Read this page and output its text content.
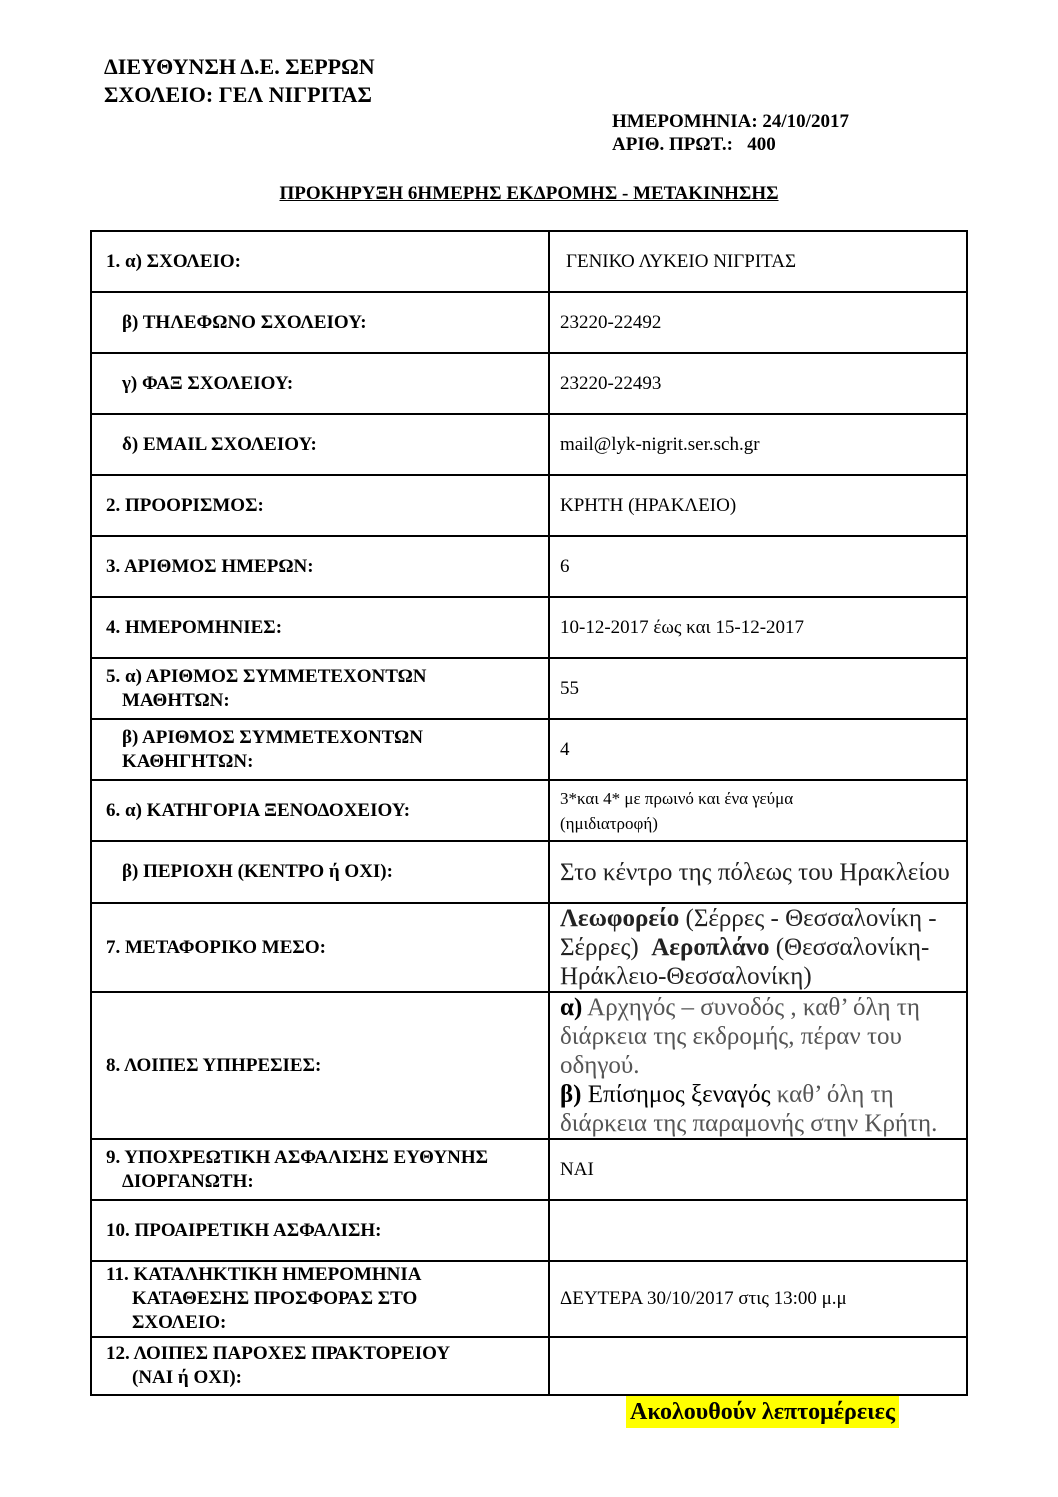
ΔΙΕΥΘΥΝΣΗ Δ.Ε. ΣΕΡΡΩΝ
ΣΧΟΛΕΙΟ: ΓΕΛ ΝΙΓΡΙΤΑΣ
ΗΜΕΡΟΜΗΝΙΑ: 24/10/2017
ΑΡΙΘ. ΠΡΩΤ.:   400
ΠΡΟΚΗΡΥΞΗ 6ΗΜΕΡΗΣ ΕΚΔΡΟΜΗΣ - ΜΕΤΑΚΙΝΗΣΗΣ
1. α) ΣΧΟΛΕΙΟ:	ΓΕΝΙΚΟ ΛΥΚΕΙΟ ΝΙΓΡΙΤΑΣ

β) ΤΗΛΕΦΩΝΟ ΣΧΟΛΕΙΟΥ:	23220-22492

γ) ΦΑΞ ΣΧΟΛΕΙΟΥ:	23220-22493

δ) EMAIL ΣΧΟΛΕΙΟΥ:	mail@lyk-nigrit.ser.sch.gr

2. ΠΡΟΟΡΙΣΜΟΣ:	ΚΡΗΤΗ (ΗΡΑΚΛΕΙΟ)

3. ΑΡΙΘΜΟΣ ΗΜΕΡΩΝ:	6

4. ΗΜΕΡΟΜΗΝΙΕΣ:	10-12-2017 έως και 15-12-2017

5. α) ΑΡΙΘΜΟΣ ΣΥΜΜΕΤΕΧΟΝΤΩΝ
ΜΑΘΗΤΩΝ:	55

β) ΑΡΙΘΜΟΣ ΣΥΜΜΕΤΕΧΟΝΤΩΝ
ΚΑΘΗΓΗΤΩΝ:	4

6. α) ΚΑΤΗΓΟΡΙΑ ΞΕΝΟΔΟΧΕΙΟΥ:	3*και 4* με πρωινό και ένα γεύμα
(ημιδιατροφή)

β) ΠΕΡΙΟΧΗ (ΚΕΝΤΡΟ ή ΟΧΙ):	Στο κέντρο της πόλεως του Ηρακλείου

7. ΜΕΤΑΦΟΡΙΚΟ ΜΕΣΟ:	Λεωφορείο (Σέρρες - Θεσσαλονίκη -
Σέρρες)  Αεροπλάνο (Θεσσαλονίκη-
Ηράκλειο-Θεσσαλονίκη)

8. ΛΟΙΠΕΣ ΥΠΗΡΕΣΙΕΣ:	α) Αρχηγός – συνοδός , καθ’ όλη τη
διάρκεια της εκδρομής, πέραν του
οδηγού.
β) Επίσημος ξεναγός καθ’ όλη τη
διάρκεια της παραμονής στην Κρήτη.

9. ΥΠΟΧΡΕΩΤΙΚΗ ΑΣΦΑΛΙΣΗΣ ΕΥΘΥΝΗΣ
ΔΙΟΡΓΑΝΩΤΗ:	ΝΑΙ

10. ΠΡΟΑΙΡΕΤΙΚΗ ΑΣΦΑΛΙΣΗ:	

11. ΚΑΤΑΛΗΚΤΙΚΗ ΗΜΕΡΟΜΗΝΙΑ
ΚΑΤΑΘΕΣΗΣ ΠΡΟΣΦΟΡΑΣ ΣΤΟ
ΣΧΟΛΕΙΟ:	ΔΕΥΤΕΡΑ 30/10/2017 στις 13:00 μ.μ

12. ΛΟΙΠΕΣ ΠΑΡΟΧΕΣ ΠΡΑΚΤΟΡΕΙΟΥ
(ΝΑΙ ή ΟΧΙ):	

Ακολουθούν λεπτομέρειες
